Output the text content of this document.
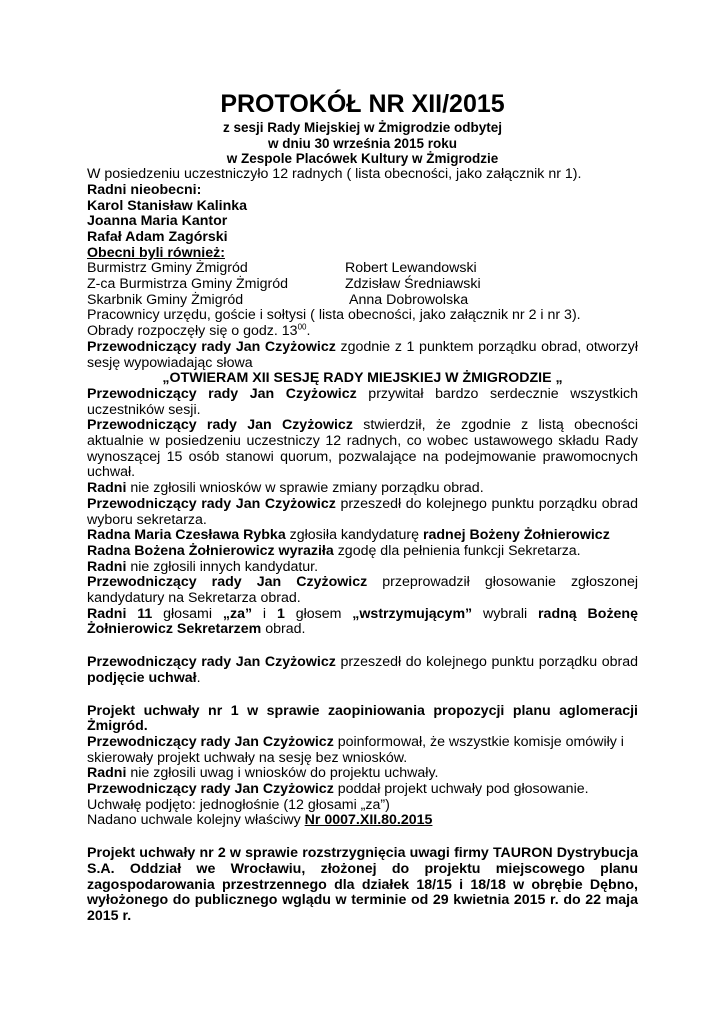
PROTOKÓŁ NR XII/2015

z sesji Rady Miejskiej w Żmigrodzie odbytej

w dniu 30 września 2015 roku

w Zespole Placówek Kultury w Żmigrodzie

W posiedzeniu uczestniczyło 12 radnych ( lista obecności, jako załącznik nr 1).

Radni nieobecni:

Karol Stanisław Kalinka

Joanna Maria Kantor

Rafał Adam Zagórski

Obecni byli również:

Burmistrz Gminy Żmigród	Robert Lewandowski
Z-ca Burmistrza Gminy Żmigród	Zdzisław Średniawski
Skarbnik Gminy Żmigród	Anna Dobrowolska

Pracownicy urzędu, goście i sołtysi ( lista obecności, jako załącznik nr 2 i nr 3).

Obrady rozpoczęły się o godz. $13^{00}$.

Przewodniczący rady Jan Czyżowicz zgodnie z 1 punktem porządku obrad, otworzył sesję wypowiadając słowa

„OTWIERAM XII SESJĘ RADY MIEJSKIEJ W ŻMIGRODZIE „

Przewodniczący rady Jan Czyżowicz przywitał bardzo serdecznie wszystkich uczestników sesji.

Przewodniczący rady Jan Czyżowicz stwierdził, że zgodnie z listą obecności aktualnie w posiedzeniu uczestniczy 12 radnych, co wobec ustawowego składu Rady wynoszącej 15 osób stanowi quorum, pozwalające na podejmowanie prawomocnych uchwał.

Radni nie zgłosili wniosków w sprawie zmiany porządku obrad.

Przewodniczący rady Jan Czyżowicz przeszedł do kolejnego punktu porządku obrad wyboru sekretarza.

Radna Maria Czesława Rybka zgłosiła kandydaturę radnej Bożeny Żołnierowicz

Radna Bożena Żołnierowicz wyraziła zgodę dla pełnienia funkcji Sekretarza.

Radni nie zgłosili innych kandydatur.

Przewodniczący rady Jan Czyżowicz przeprowadził głosowanie zgłoszonej kandydatury na Sekretarza obrad.

Radni 11 głosami „za” i 1 głosem „wstrzymującym” wybrali radną Bożenę Żołnierowicz Sekretarzem obrad.

Przewodniczący rady Jan Czyżowicz przeszedł do kolejnego punktu porządku obrad podjęcie uchwał.

Projekt uchwały nr 1 w sprawie zaopiniowania propozycji planu aglomeracji Żmigród.

Przewodniczący rady Jan Czyżowicz poinformował, że wszystkie komisje omówiły i skierowały projekt uchwały na sesję bez wniosków.

Radni nie zgłosili uwag i wniosków do projektu uchwały.

Przewodniczący rady Jan Czyżowicz poddał projekt uchwały pod głosowanie.

Uchwałę podjęto: jednogłośnie (12 głosami „za”)

Nadano uchwale kolejny właściwy Nr 0007.XII.80.2015

Projekt uchwały nr 2 w sprawie rozstrzygnięcia uwagi firmy TAURON Dystrybucja S.A. Oddział we Wrocławiu, złożonej do projektu miejscowego planu zagospodarowania przestrzennego dla działek 18/15 i 18/18 w obrębie Dębno, wyłożonego do publicznego wglądu w terminie od 29 kwietnia 2015 r. do 22 maja 2015 r.
